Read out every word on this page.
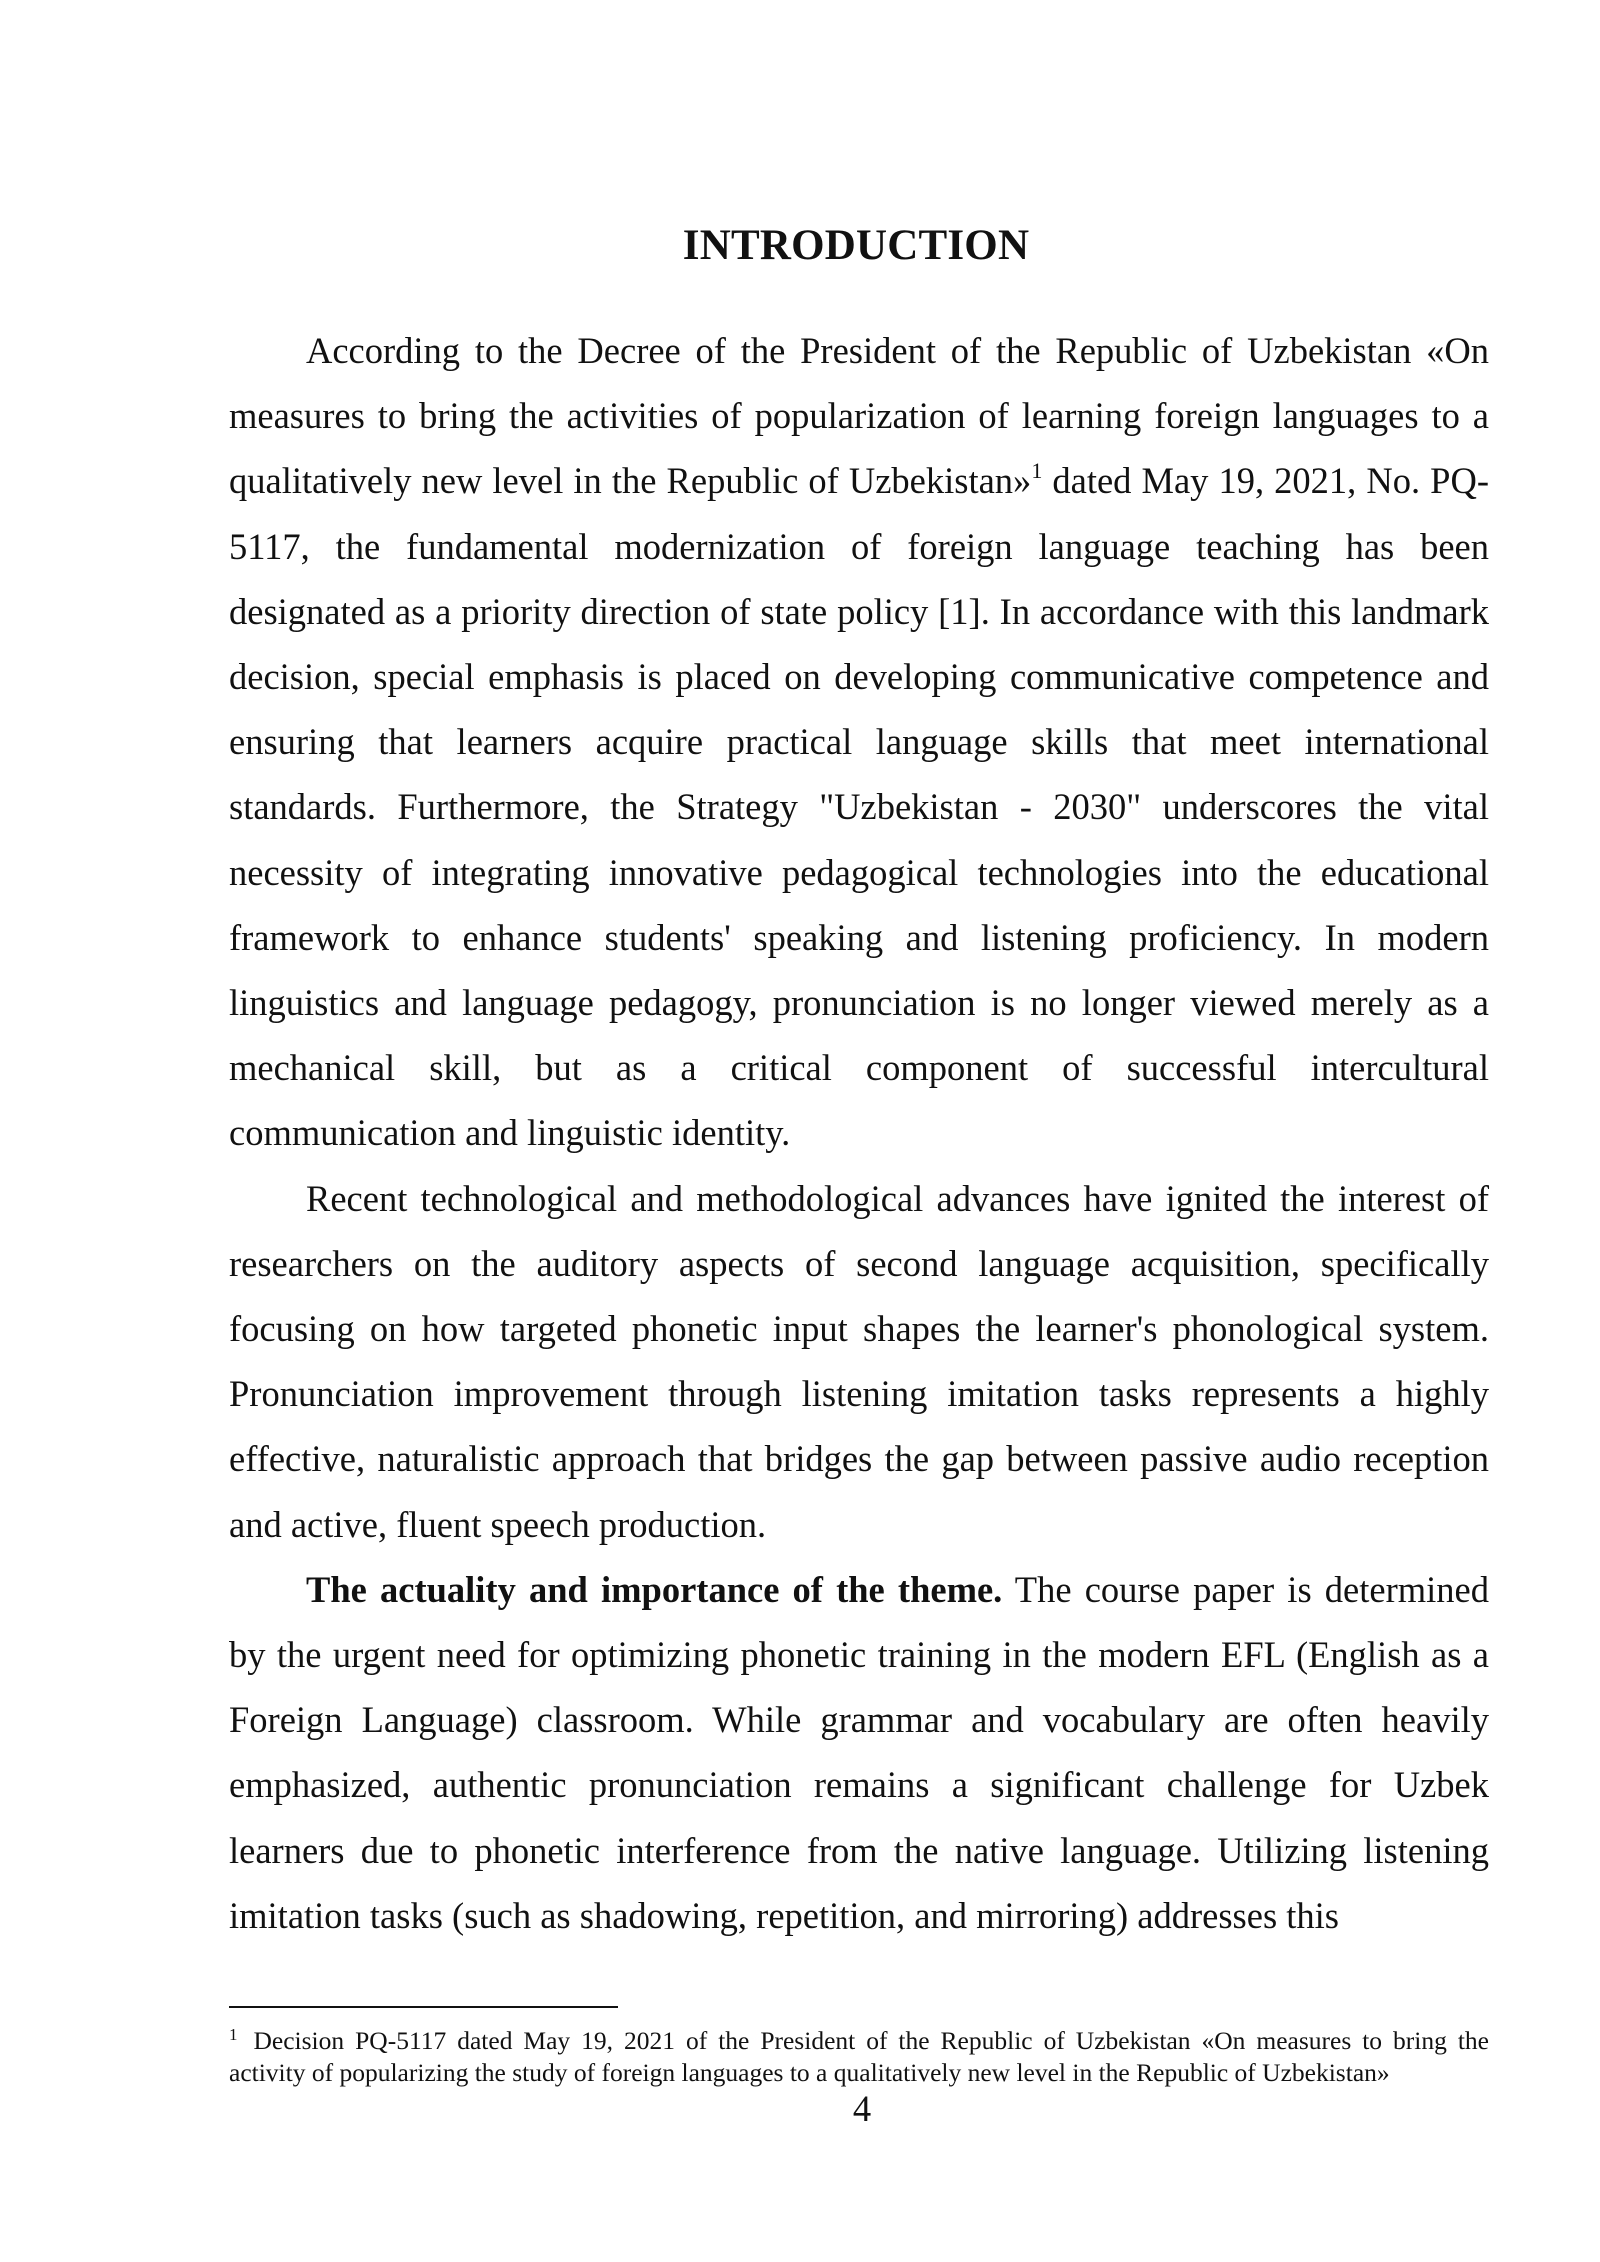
INTRODUCTION

According to the Decree of the President of the Republic of Uzbekistan «On measures to bring the activities of popularization of learning foreign languages to a qualitatively new level in the Republic of Uzbekistan»$^1$ dated May 19, 2021, No. PQ-5117, the fundamental modernization of foreign language teaching has been designated as a priority direction of state policy [1]. In accordance with this landmark decision, special emphasis is placed on developing communicative competence and ensuring that learners acquire practical language skills that meet international standards. Furthermore, the Strategy "Uzbekistan - 2030" underscores the vital necessity of integrating innovative pedagogical technologies into the educational framework to enhance students' speaking and listening proficiency. In modern linguistics and language pedagogy, pronunciation is no longer viewed merely as a mechanical skill, but as a critical component of successful intercultural communication and linguistic identity.

Recent technological and methodological advances have ignited the interest of researchers on the auditory aspects of second language acquisition, specifically focusing on how targeted phonetic input shapes the learner's phonological system. Pronunciation improvement through listening imitation tasks represents a highly effective, naturalistic approach that bridges the gap between passive audio reception and active, fluent speech production.

The actuality and importance of the theme. The course paper is determined by the urgent need for optimizing phonetic training in the modern EFL (English as a Foreign Language) classroom. While grammar and vocabulary are often heavily emphasized, authentic pronunciation remains a significant challenge for Uzbek learners due to phonetic interference from the native language. Utilizing listening imitation tasks (such as shadowing, repetition, and mirroring) addresses this

$^1$ Decision PQ-5117 dated May 19, 2021 of the President of the Republic of Uzbekistan «On measures to bring the activity of popularizing the study of foreign languages to a qualitatively new level in the Republic of Uzbekistan»

4
